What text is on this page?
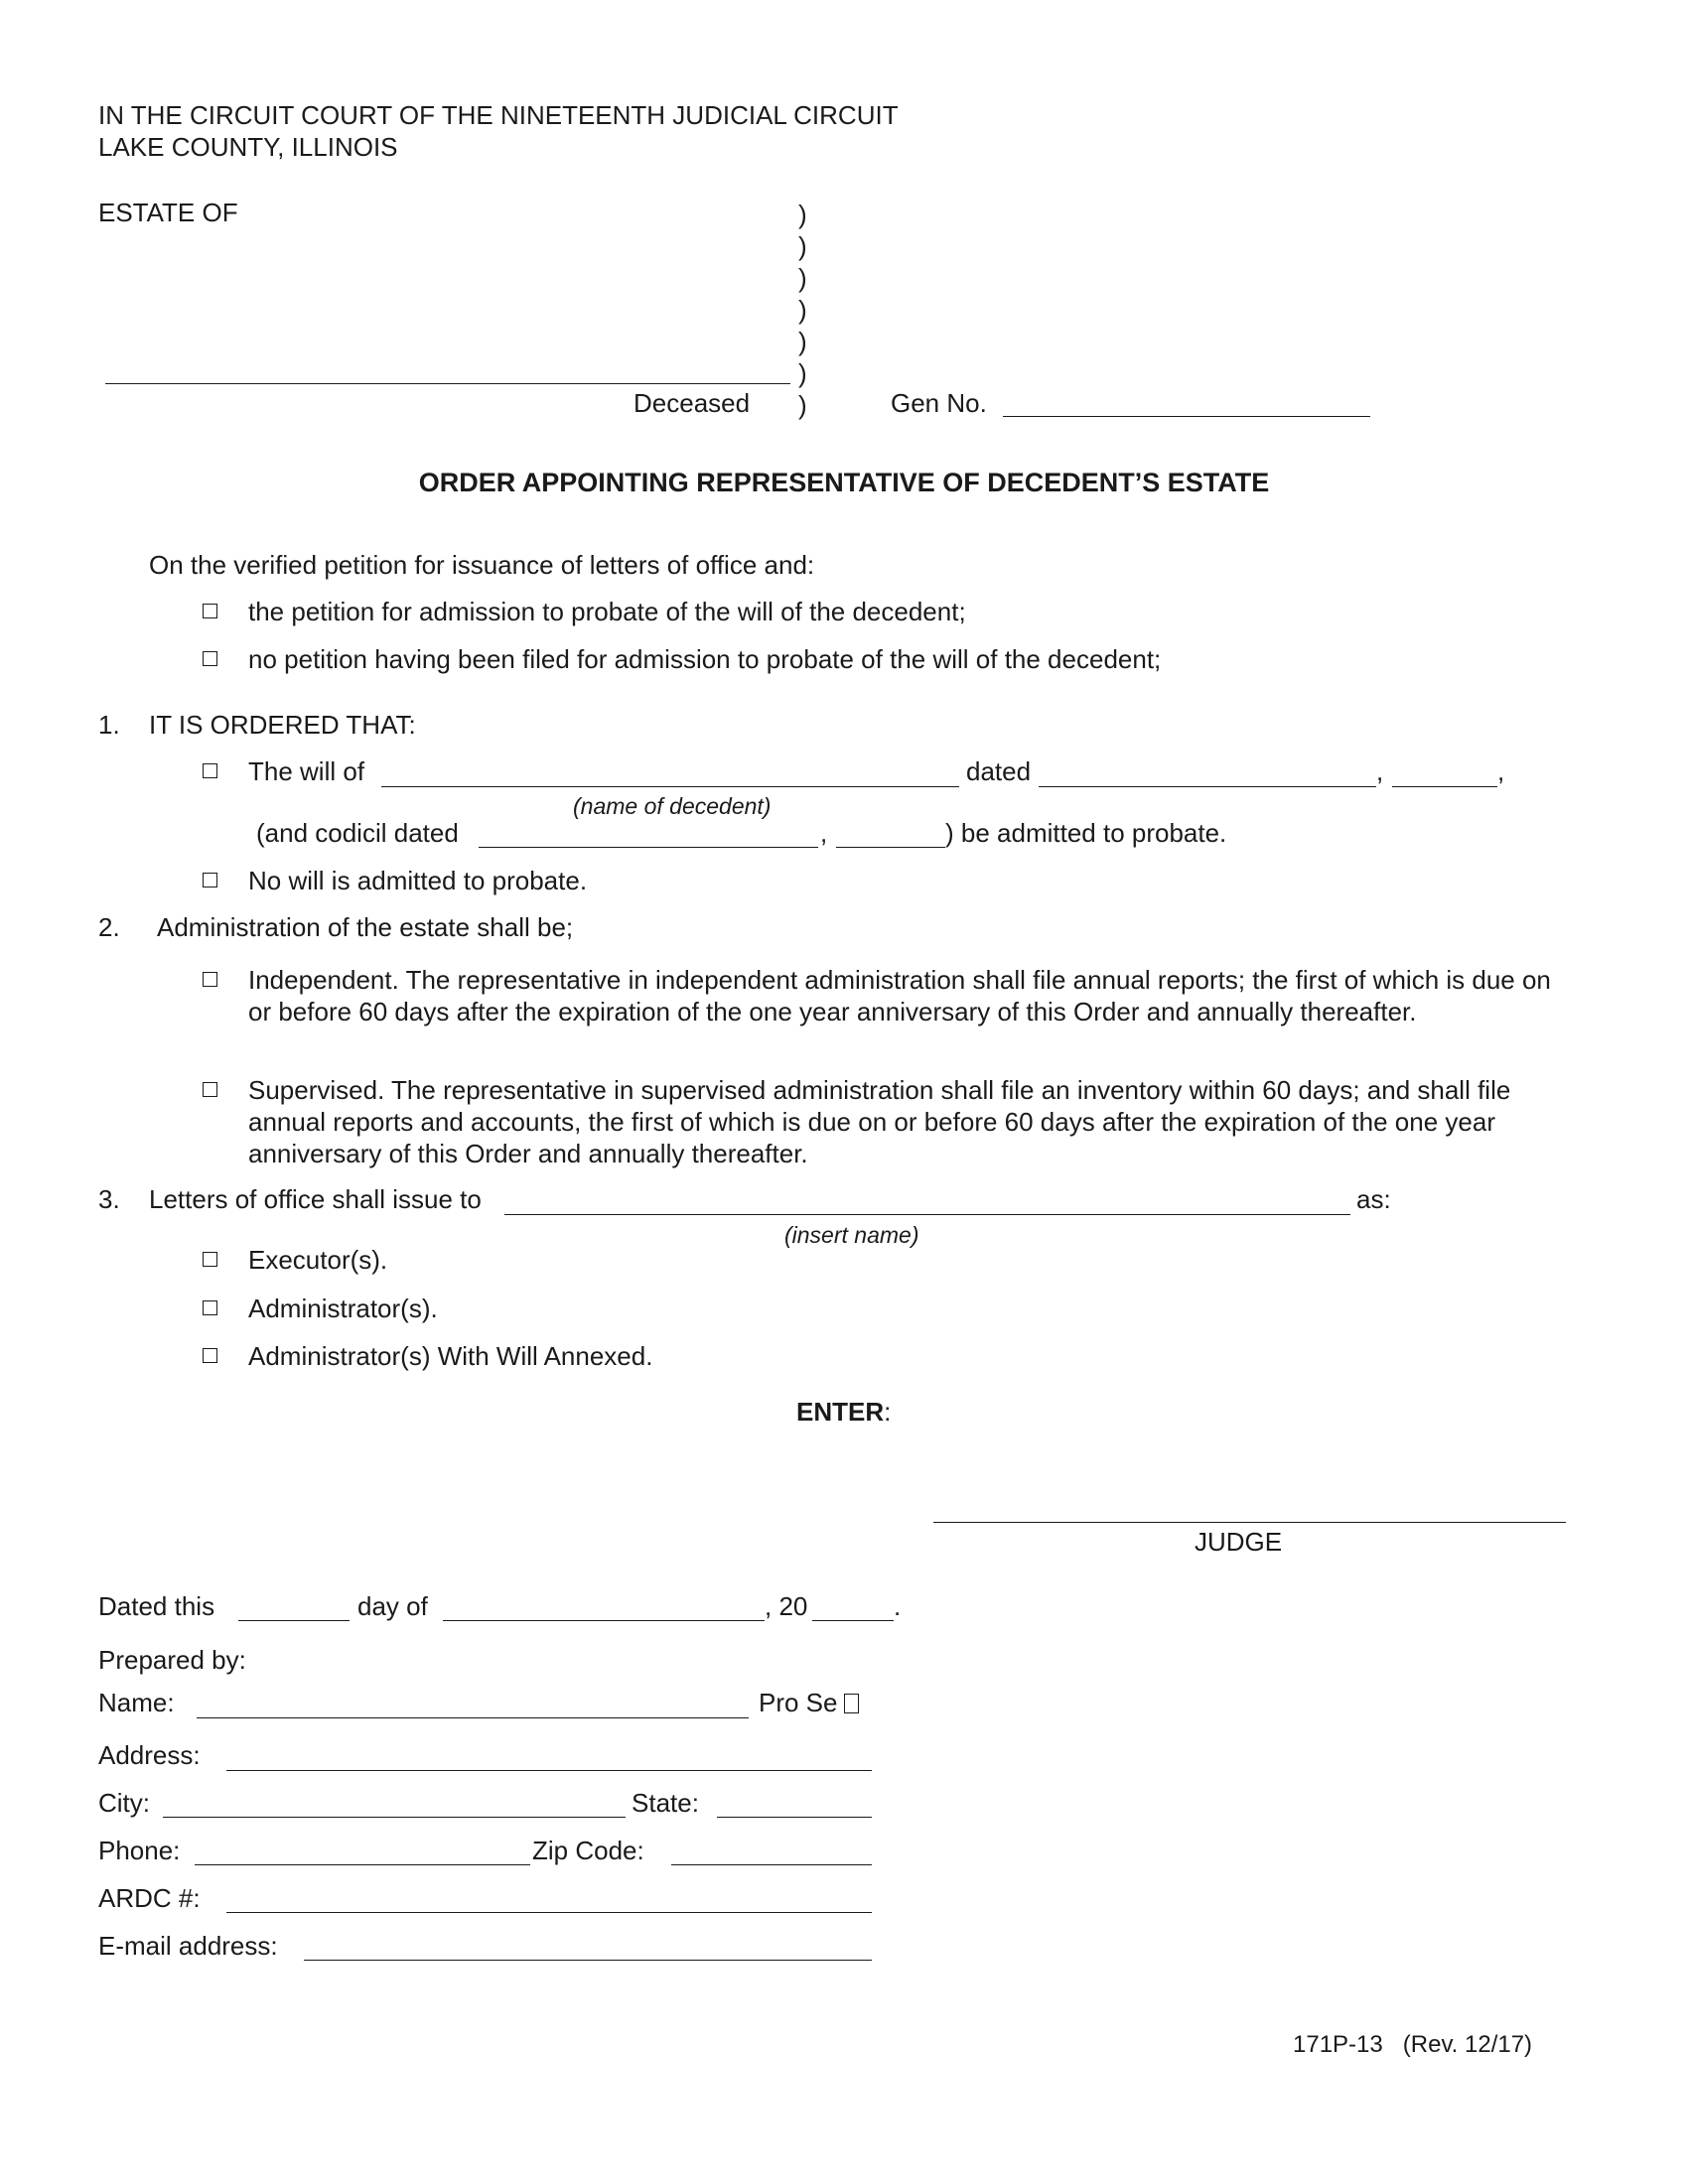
IN THE CIRCUIT COURT OF THE NINETEENTH JUDICIAL CIRCUIT
LAKE COUNTY, ILLINOIS
ESTATE OF	)
)
)
)
)
)
)
Deceased	Gen No.
ORDER APPOINTING REPRESENTATIVE OF DECEDENT’S ESTATE
On the verified petition for issuance of letters of office and:
the petition for admission to probate of the will of the decedent;
no petition having been filed for admission to probate of the will of the decedent;
1. IT IS ORDERED THAT:
The will of	dated	,	,
(name of decedent)
(and codicil dated	,	) be admitted to probate.
No will is admitted to probate.
2. Administration of the estate shall be;
Independent. The representative in independent administration shall file annual reports; the first of which is due on or before 60 days after the expiration of the one year anniversary of this Order and annually thereafter.
Supervised. The representative in supervised administration shall file an inventory within 60 days; and shall file annual reports and accounts, the first of which is due on or before 60 days after the expiration of the one year anniversary of this Order and annually thereafter.
3. Letters of office shall issue to	as:
(insert name)
Executor(s).
Administrator(s).
Administrator(s) With Will Annexed.
ENTER:
JUDGE
Dated this	day of	, 20	.
Prepared by:
Name:	Pro Se
Address:
City:	State:
Phone:	Zip Code:
ARDC #:
E-mail address:
171P-13 (Rev. 12/17)
